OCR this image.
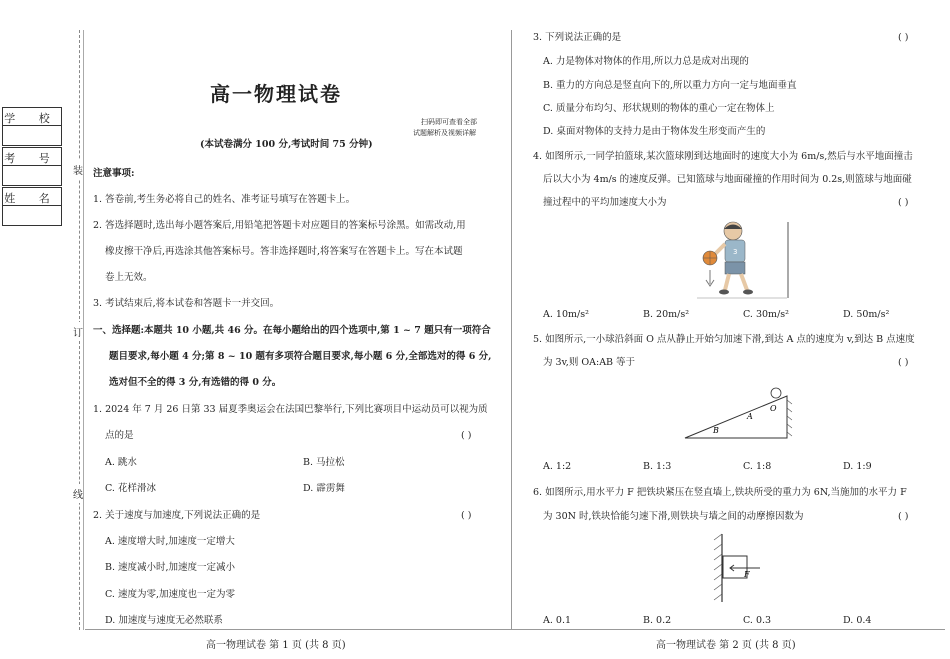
学 校
考 号
姓 名
装
订
线
高一物理试卷
扫码即可查看全部
试题解析及视频详解
(本试卷满分 100 分,考试时间 75 分钟)
注意事项:
1. 答卷前,考生务必将自己的姓名、准考证号填写在答题卡上。
2. 答选择题时,选出每小题答案后,用铅笔把答题卡对应题目的答案标号涂黑。如需改动,用
橡皮擦干净后,再选涂其他答案标号。答非选择题时,将答案写在答题卡上。写在本试题
卷上无效。
3. 考试结束后,将本试卷和答题卡一并交回。
一、选择题:本题共 10 小题,共 46 分。在每小题给出的四个选项中,第 1 ~ 7 题只有一项符合
题目要求,每小题 4 分;第 8 ~ 10 题有多项符合题目要求,每小题 6 分,全部选对的得 6 分,
选对但不全的得 3 分,有选错的得 0 分。
1. 2024 年 7 月 26 日第 33 届夏季奥运会在法国巴黎举行,下列比赛项目中运动员可以视为质
点的是	( )
A. 跳水	B. 马拉松
C. 花样滑冰	D. 霹雳舞
2. 关于速度与加速度,下列说法正确的是	( )
A. 速度增大时,加速度一定增大
B. 速度减小时,加速度一定减小
C. 速度为零,加速度也一定为零
D. 加速度与速度无必然联系
高一物理试卷 第 1 页 (共 8 页)	高一物理试卷 第 2 页 (共 8 页)
3. 下列说法正确的是	( )
A. 力是物体对物体的作用,所以力总是成对出现的
B. 重力的方向总是竖直向下的,所以重力方向一定与地面垂直
C. 质量分布均匀、形状规则的物体的重心一定在物体上
D. 桌面对物体的支持力是由于物体发生形变而产生的
4. 如图所示,一同学拍篮球,某次篮球刚到达地面时的速度大小为 6m/s,然后与水平地面撞击
后以大小为 4m/s 的速度反弹。已知篮球与地面碰撞的作用时间为 0.2s,则篮球与地面碰
撞过程中的平均加速度大小为	( )
3
A. 10m/s²	B. 20m/s²	C. 30m/s²	D. 50m/s²
5. 如图所示,一小球沿斜面 O 点从静止开始匀加速下滑,到达 A 点的速度为 v,到达 B 点速度
为 3v,则 OA:AB 等于	( )
O
A
B
A. 1:2	B. 1:3	C. 1:8	D. 1:9
6. 如图所示,用水平力 F 把铁块紧压在竖直墙上,铁块所受的重力为 6N,当施加的水平力 F
为 30N 时,铁块恰能匀速下滑,则铁块与墙之间的动摩擦因数为	( )
F
A. 0.1	B. 0.2	C. 0.3	D. 0.4
